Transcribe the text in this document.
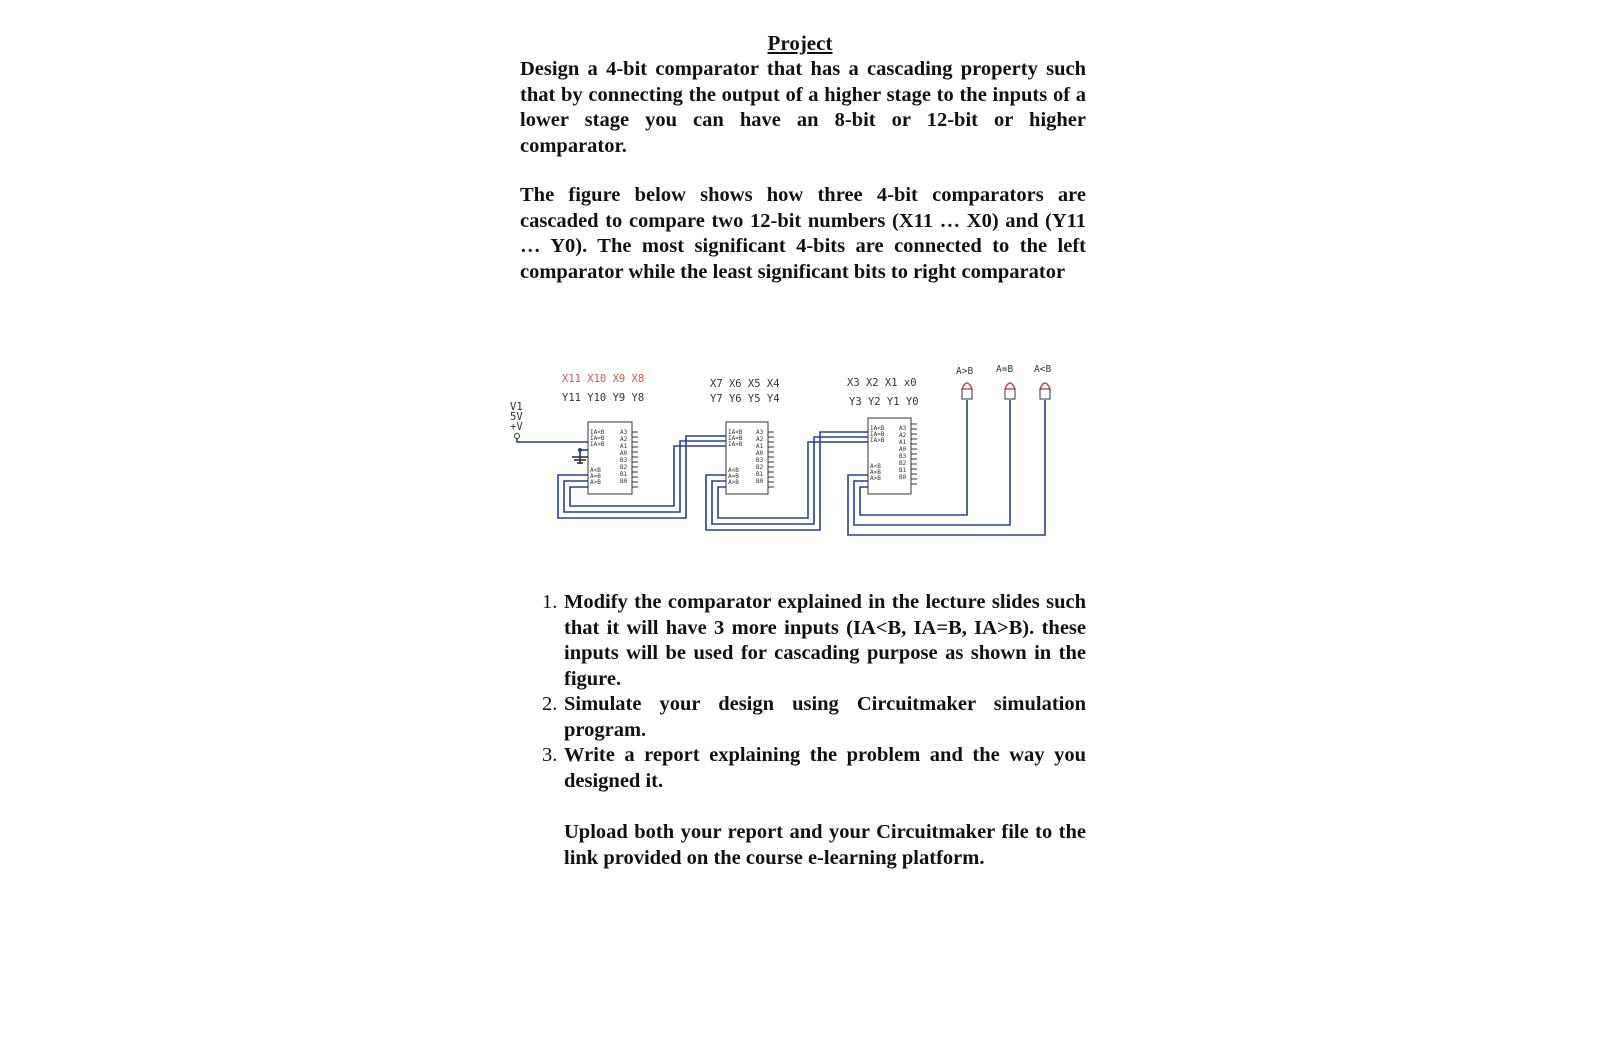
Project

Design a 4-bit comparator that has a cascading property such that by connecting the output of a higher stage to the inputs of a lower stage you can have an 8-bit or 12-bit or higher comparator.

The figure below shows how three 4-bit comparators are cascaded to compare two 12-bit numbers (X11 … X0) and (Y11 … Y0). The most significant 4-bits are connected to the left comparator while the least significant bits to right comparator

V1
5V
+V	IA<B
IA=B
IA>B
A<B
A=B
A>B
A3
A2
A1
A0
B3
B2
B1
B0
IA<B
IA=B
IA>B
A<B
A=B
A>B
A3
A2
A1
A0
B3
B2
B1
B0
IA<B
IA=B
IA>B
A<B
A=B
A>B
A3
A2
A1
A0
B3
B2
B1
B0
X11 X10 X9 X8
Y11 Y10 Y9 Y8
X7 X6 X5 X4
Y7 Y6 Y5 Y4
X3 X2 X1 x0
Y3 Y2 Y1 Y0
A>B A=B A<B
1. Modify the comparator explained in the lecture slides such that it will have 3 more inputs (IA<B, IA=B, IA>B). these inputs will be used for cascading purpose as shown in the figure.
2. Simulate your design using Circuitmaker simulation program.
3. Write a report explaining the problem and the way you designed it.

Upload both your report and your Circuitmaker file to the link provided on the course e-learning platform.
